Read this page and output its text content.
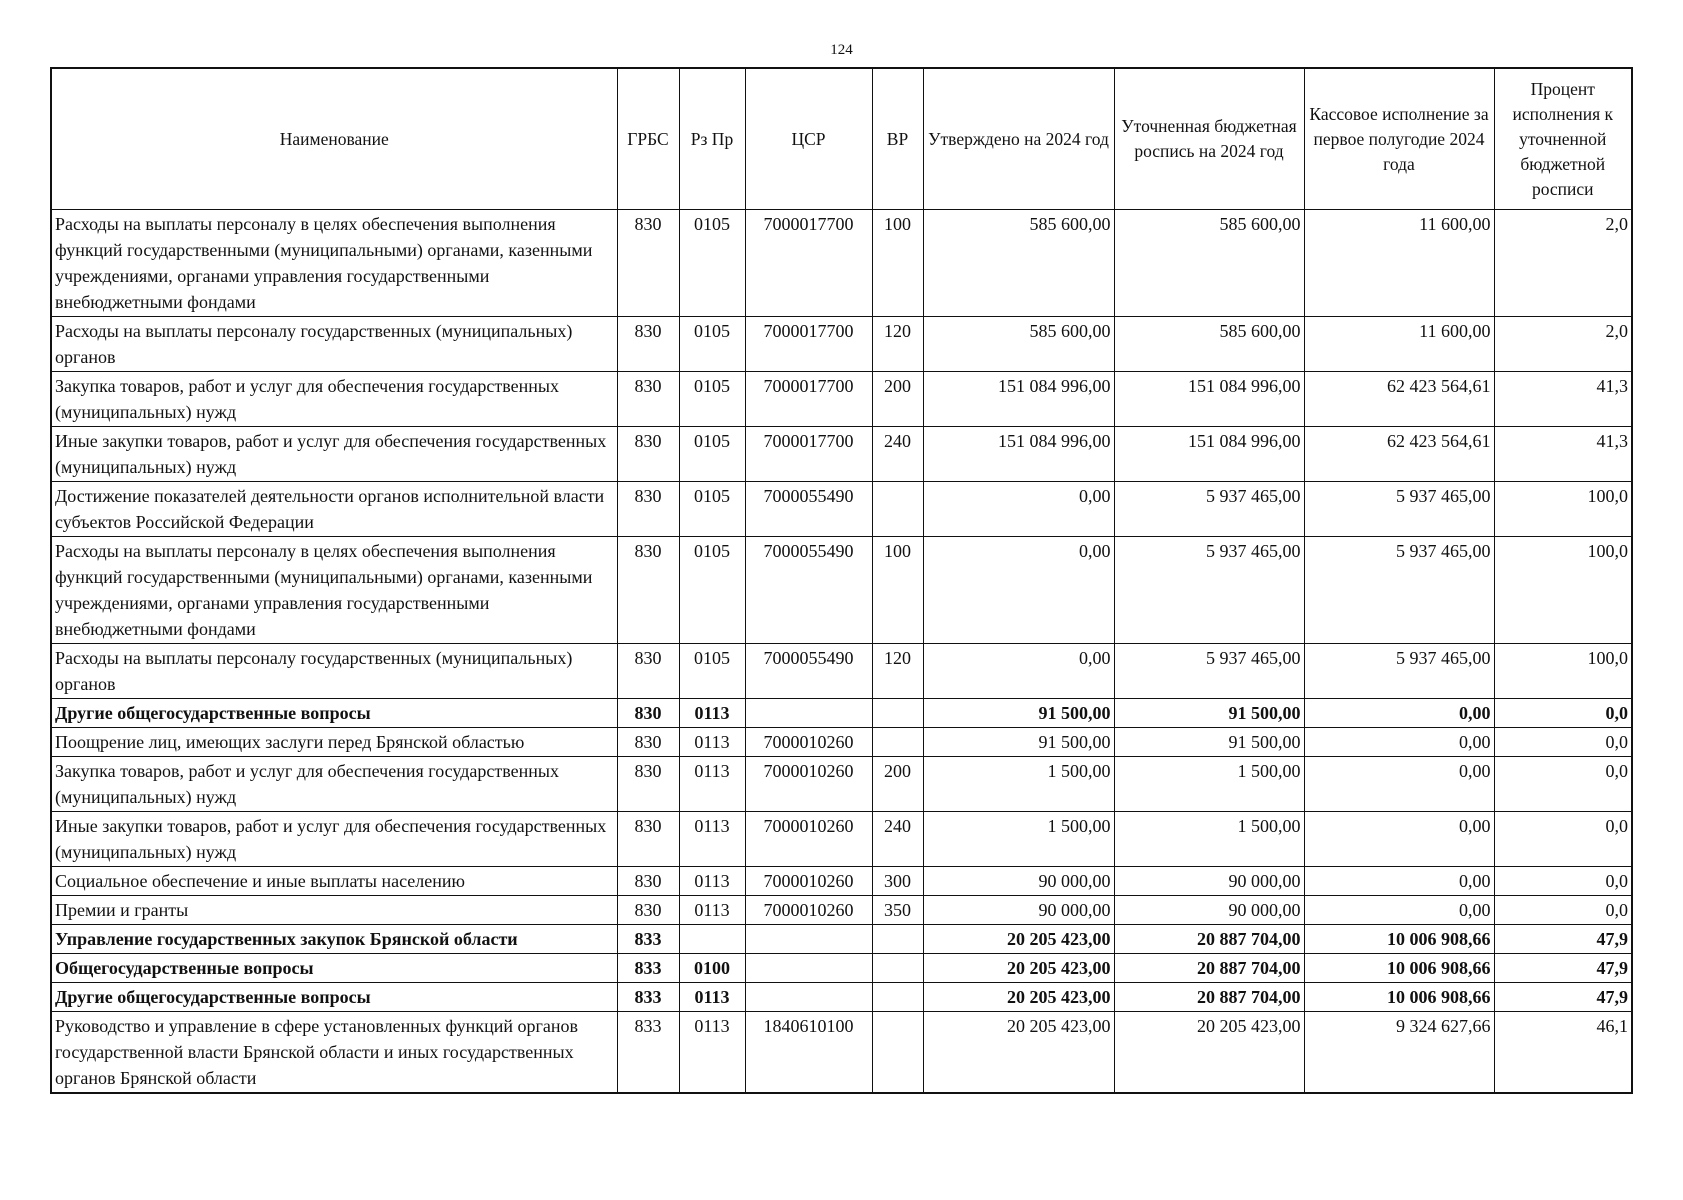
124
Наименование	ГРБС	Рз Пр	ЦСР	ВР	Утверждено на 2024 год	Уточненная бюджетная роспись на 2024 год	Кассовое исполнение за первое полугодие 2024 года	Процент исполнения к уточненной бюджетной росписи
Расходы на выплаты персоналу в целях обеспечения выполнения функций государственными (муниципальными) органами, казенными учреждениями, органами управления государственными внебюджетными фондами	830	0105	7000017700	100	585 600,00	585 600,00	11 600,00	2,0
Расходы на выплаты персоналу государственных (муниципальных) органов	830	0105	7000017700	120	585 600,00	585 600,00	11 600,00	2,0
Закупка товаров, работ и услуг для обеспечения государственных (муниципальных) нужд	830	0105	7000017700	200	151 084 996,00	151 084 996,00	62 423 564,61	41,3
Иные закупки товаров, работ и услуг для обеспечения государственных (муниципальных) нужд	830	0105	7000017700	240	151 084 996,00	151 084 996,00	62 423 564,61	41,3
Достижение показателей деятельности органов исполнительной власти субъектов Российской Федерации	830	0105	7000055490		0,00	5 937 465,00	5 937 465,00	100,0
Расходы на выплаты персоналу в целях обеспечения выполнения функций государственными (муниципальными) органами, казенными учреждениями, органами управления государственными внебюджетными фондами	830	0105	7000055490	100	0,00	5 937 465,00	5 937 465,00	100,0
Расходы на выплаты персоналу государственных (муниципальных) органов	830	0105	7000055490	120	0,00	5 937 465,00	5 937 465,00	100,0
Другие общегосударственные вопросы	830	0113			91 500,00	91 500,00	0,00	0,0
Поощрение лиц, имеющих заслуги перед Брянской областью	830	0113	7000010260		91 500,00	91 500,00	0,00	0,0
Закупка товаров, работ и услуг для обеспечения государственных (муниципальных) нужд	830	0113	7000010260	200	1 500,00	1 500,00	0,00	0,0
Иные закупки товаров, работ и услуг для обеспечения государственных (муниципальных) нужд	830	0113	7000010260	240	1 500,00	1 500,00	0,00	0,0
Социальное обеспечение и иные выплаты населению	830	0113	7000010260	300	90 000,00	90 000,00	0,00	0,0
Премии и гранты	830	0113	7000010260	350	90 000,00	90 000,00	0,00	0,0
Управление государственных закупок Брянской области	833				20 205 423,00	20 887 704,00	10 006 908,66	47,9
Общегосударственные вопросы	833	0100			20 205 423,00	20 887 704,00	10 006 908,66	47,9
Другие общегосударственные вопросы	833	0113			20 205 423,00	20 887 704,00	10 006 908,66	47,9
Руководство и управление в сфере установленных функций органов государственной власти Брянской области и иных государственных органов Брянской области	833	0113	1840610100		20 205 423,00	20 205 423,00	9 324 627,66	46,1
